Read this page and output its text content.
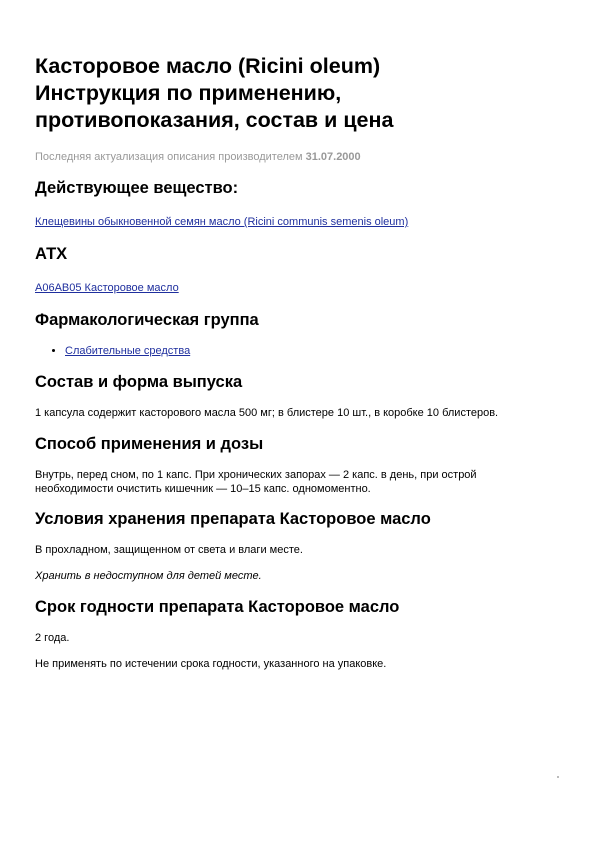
Касторовое масло (Ricini oleum)
Инструкция по применению,
противопоказания, состав и цена
Последняя актуализация описания производителем 31.07.2000
Действующее вещество:
Клещевины обыкновенной семян масло (Ricini communis semenis oleum)
АТХ
A06AB05 Касторовое масло
Фармакологическая группа
• Слабительные средства
Состав и форма выпуска

1 капсула содержит касторового масла 500 мг; в блистере 10 шт., в коробке 10 блистеров.

Способ применения и дозы

Внутрь, перед сном, по 1 капс. При хронических запорах — 2 капс. в день, при острой
необходимости очистить кишечник — 10–15 капс. одномоментно.

Условия хранения препарата Касторовое масло

В прохладном, защищенном от света и влаги месте.

Хранить в недоступном для детей месте.

Срок годности препарата Касторовое масло

2 года.

Не применять по истечении срока годности, указанного на упаковке.
